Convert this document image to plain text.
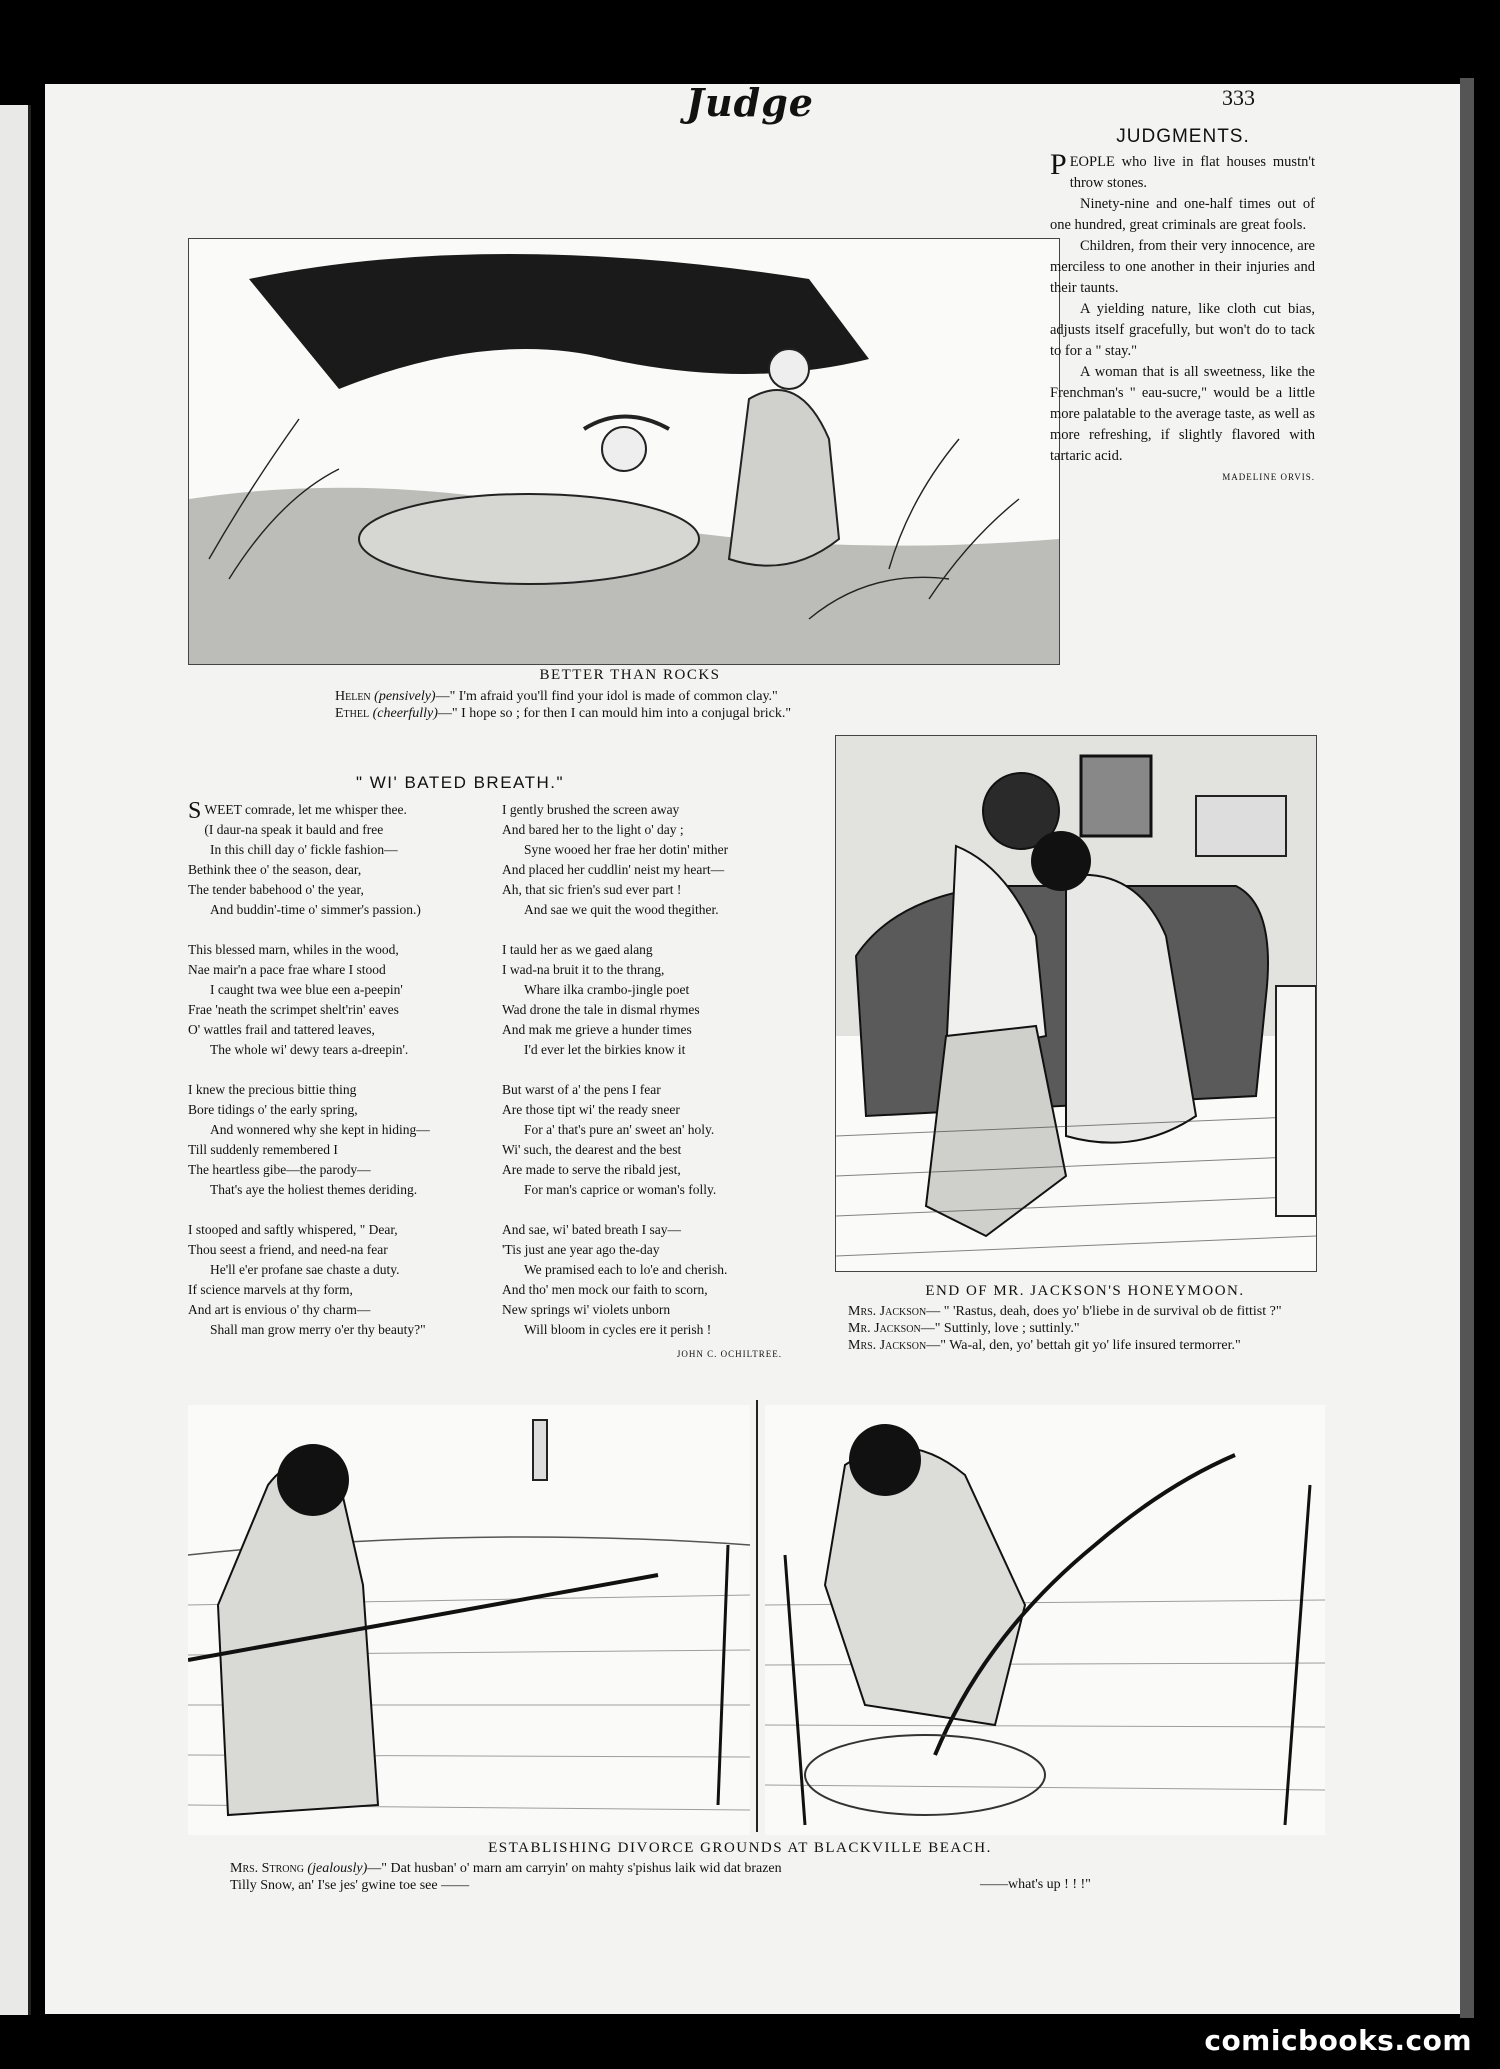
Judge	333
BETTER THAN ROCKS
Helen (pensively)—" I'm afraid you'll find your idol is made of common clay."
Ethel (cheerfully)—" I hope so ; for then I can mould him into a conjugal brick."
JUDGMENTS.

PEOPLE who live in flat houses mustn't throw stones.

Ninety-nine and one-half times out of one hundred, great criminals are great fools.

Children, from their very innocence, are merciless to one another in their injuries and their taunts.

A yielding nature, like cloth cut bias, adjusts itself gracefully, but won't do to tack to for a " stay."

A woman that is all sweetness, like the Frenchman's " eau-sucre," would be a little more palatable to the average taste, as well as more refreshing, if slightly flavored with tartaric acid.

MADELINE ORVIS.
" WI' BATED BREATH."
SWEET comrade, let me whisper thee.
(I daur-na speak it bauld and free
In this chill day o' fickle fashion—
Bethink thee o' the season, dear,
The tender babehood o' the year,
And buddin'-time o' simmer's passion.)
This blessed marn, whiles in the wood,
Nae mair'n a pace frae whare I stood
I caught twa wee blue een a-peepin'
Frae 'neath the scrimpet shelt'rin' eaves
O' wattles frail and tattered leaves,
The whole wi' dewy tears a-dreepin'.
I knew the precious bittie thing
Bore tidings o' the early spring,
And wonnered why she kept in hiding—
Till suddenly remembered I
The heartless gibe—the parody—
That's aye the holiest themes deriding.
I stooped and saftly whispered, " Dear,
Thou seest a friend, and need-na fear
He'll e'er profane sae chaste a duty.
If science marvels at thy form,
And art is envious o' thy charm—
Shall man grow merry o'er thy beauty?"
I gently brushed the screen away
And bared her to the light o' day ;
Syne wooed her frae her dotin' mither
And placed her cuddlin' neist my heart—
Ah, that sic frien's sud ever part !
And sae we quit the wood thegither.
I tauld her as we gaed alang
I wad-na bruit it to the thrang,
Whare ilka crambo-jingle poet
Wad drone the tale in dismal rhymes
And mak me grieve a hunder times
I'd ever let the birkies know it
But warst of a' the pens I fear
Are those tipt wi' the ready sneer
For a' that's pure an' sweet an' holy.
Wi' such, the dearest and the best
Are made to serve the ribald jest,
For man's caprice or woman's folly.
And sae, wi' bated breath I say—
'Tis just ane year ago the-day
We pramised each to lo'e and cherish.
And tho' men mock our faith to scorn,
New springs wi' violets unborn
Will bloom in cycles ere it perish !
JOHN C. OCHILTREE.
END OF MR. JACKSON'S HONEYMOON.
Mrs. Jackson— " 'Rastus, deah, does yo' b'liebe in de survival ob de fittist ?"
Mr. Jackson—" Suttinly, love ; suttinly."
Mrs. Jackson—" Wa-al, den, yo' bettah git yo' life insured termorrer."
ESTABLISHING DIVORCE GROUNDS AT BLACKVILLE BEACH.
Mrs. Strong (jealously)—" Dat husban' o' marn am carryin' on mahty s'pishus laik wid dat brazen Tilly Snow, an' I'se jes' gwine toe see ——	——what's up ! ! !"
comicbooks.com
